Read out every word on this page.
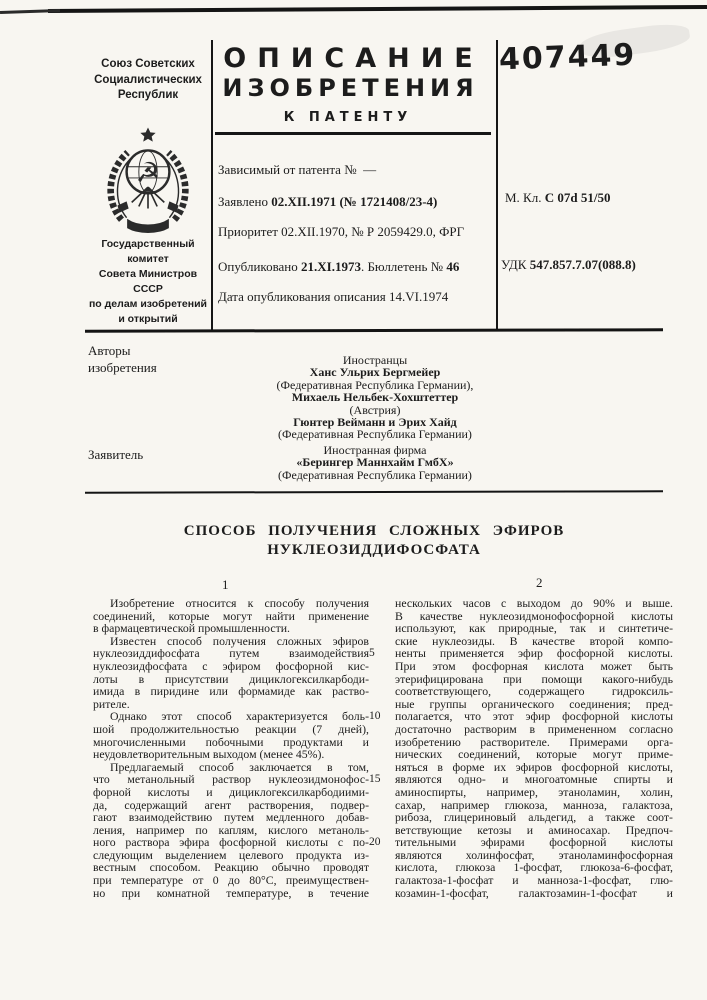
Союз Советских
Социалистических
Республик
☭
Государственный комитет
Совета Министров СССР
по делам изобретений
и открытий
ОПИСАНИЕ
ИЗОБРЕТЕНИЯ
К ПАТЕНТУ
Зависимый от патента №  —
Заявлено 02.XII.1971 (№ 1721408/23-4)
Приоритет 02.XII.1970, № Р 2059429.0, ФРГ
Опубликовано 21.XI.1973. Бюллетень № 46
Дата опубликования описания 14.VI.1974
407449
М. Кл. С 07d 51/50
УДК 547.857.7.07(088.8)
Авторы
изобретения	Иностранцы
Ханс Ульрих Бергмейер
(Федеративная Республика Германии),
Михаель Нельбек-Хохштеттер
(Австрия)
Гюнтер Вейманн и Эрих Хайд
(Федеративная Республика Германии)
Заявитель	Иностранная фирма
«Берингер Маннхайм ГмбХ»
(Федеративная Республика Германии)
СПОСОБ ПОЛУЧЕНИЯ СЛОЖНЫХ ЭФИРОВ
НУКЛЕОЗИДДИФОСФАТА
1	2
Изобретение относится к способу получения
соединений, которые могут найти применение
в фармацевтической промышленности.
Известен способ получения сложных эфиров
нуклеозиддифосфата путем взаимодействия
нуклеозидфосфата с эфиром фосфорной кис-
лоты в присутствии дициклогексилкарбоди-
имида в пиридине или формамиде как раство-
рителе.
Однако этот способ характеризуется боль-
шой продолжительностью реакции (7 дней),
многочисленными побочными продуктами и
неудовлетворительным выходом (менее 45%).
Предлагаемый способ заключается в том,
что метанольный раствор нуклеозидмонофос-
форной кислоты и дициклогексилкарбодиими-
да, содержащий агент растворения, подвер-
гают взаимодействию путем медленного добав-
ления, например по каплям, кислого метаноль-
ного раствора эфира фосфорной кислоты с по-
следующим выделением целевого продукта из-
вестным способом. Реакцию обычно проводят
при температуре от 0 до 80°С, преимуществен-
но при комнатной температуре, в течение
нескольких часов с выходом до 90% и выше.
В качестве нуклеозидмонофосфорной кислоты
используют, как природные, так и синтетиче-
ские нуклеозиды. В качестве второй компо-
ненты применяется эфир фосфорной кислоты.
5
При этом фосфорная кислота может быть
этерифицирована при помощи какого-нибудь
соответствующего, содержащего гидроксиль-
ные группы органического соединения; пред-
полагается, что этот эфир фосфорной кислоты
10
достаточно растворим в примененном согласно
изобретению растворителе. Примерами орга-
нических соединений, которые могут приме-
няться в форме их эфиров фосфорной кислоты,
являются одно- и многоатомные спирты и
15
аминоспирты, например, этаноламин, холин,
сахар, например глюкоза, манноза, галактоза,
рибоза, глицериновый альдегид, а также соот-
ветствующие кетозы и аминосахар. Предпоч-
тительными эфирами фосфорной кислоты
20
являются холинфосфат, этаноламинфосфорная
кислота, глюкоза 1-фосфат, глюкоза-6-фосфат,
галактоза-1-фосфат и манноза-1-фосфат, глю-
козамин-1-фосфат, галактозамин-1-фосфат и
